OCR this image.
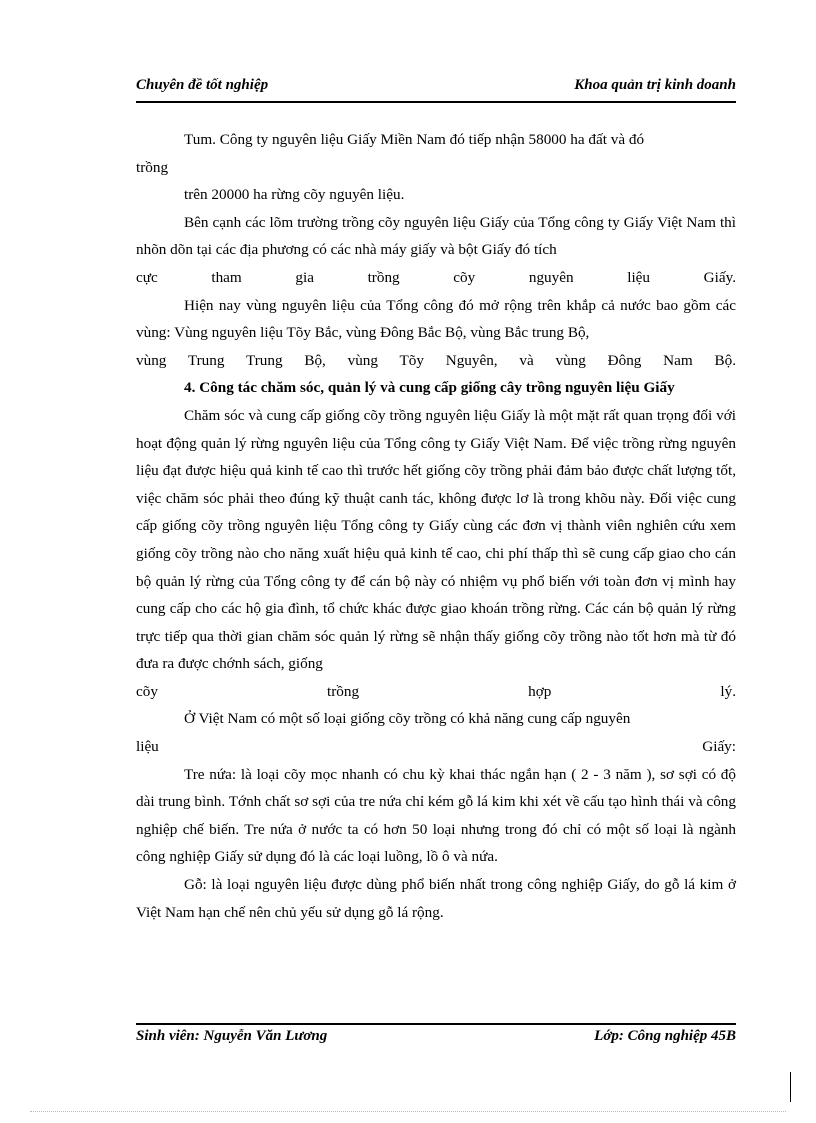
Chuyên đề tốt nghiệp	Khoa quản trị kinh doanh

Tum. Công ty nguyên liệu Giấy Miền Nam đó tiếp nhận 58000 ha đất và đó

trồng

trên 20000 ha rừng cõy nguyên liệu.

Bên cạnh các lõm trường trồng cõy nguyên liệu Giấy của Tổng công ty Giấy Việt Nam thì nhõn dõn tại các địa phương có các nhà máy giấy và bột Giấy đó tích

cực tham gia trồng cõy nguyên liệu Giấy.

Hiện nay vùng nguyên liệu của Tổng công đó mở rộng trên khắp cả nước bao gồm các vùng: Vùng nguyên liệu Tõy Bắc, vùng Đông Bắc Bộ, vùng Bắc trung Bộ,

vùng Trung Trung Bộ, vùng Tõy Nguyên, và vùng Đông Nam Bộ.

4. Công tác chăm sóc, quản lý và cung cấp giống cây trồng nguyên liệu Giấy

Chăm sóc và cung cấp giống cõy trồng nguyên liệu Giấy là một mặt rất quan trọng đối với hoạt động quản lý rừng nguyên liệu của Tổng công ty Giấy Việt Nam. Để việc trồng rừng nguyên liệu đạt được hiệu quả kinh tế cao thì trước hết giống cõy trồng phải đảm bảo được chất lượng tốt, việc chăm sóc phải theo đúng kỹ thuật canh tác, không được lơ là trong khõu này. Đối việc cung cấp giống cõy trồng nguyên liệu Tổng công ty Giấy cùng các đơn vị thành viên nghiên cứu xem giống cõy trồng nào cho năng xuất hiệu quả kinh tế cao, chi phí thấp thì sẽ cung cấp giao cho cán bộ quản lý rừng của Tổng công ty để cán bộ này có nhiệm vụ phổ biến với toàn đơn vị mình hay cung cấp cho các hộ gia đình, tổ chức khác được giao khoán trồng rừng. Các cán bộ quản lý rừng trực tiếp qua thời gian chăm sóc quản lý rừng sẽ nhận thấy giống cõy trồng nào tốt hơn mà từ đó đưa ra được chớnh sách, giống

cõy trồng hợp lý.

Ở Việt Nam có một số loại giống cõy trồng có khả năng cung cấp nguyên

liệu Giấy:

Tre nứa: là loại cõy mọc nhanh có chu kỳ khai thác ngắn hạn ( 2 - 3 năm ), sơ sợi có độ dài trung bình. Tớnh chất sơ sợi của tre nứa chỉ kém gỗ lá kim khi xét về cấu tạo hình thái và công nghiệp chế biến. Tre nứa ở nước ta có hơn 50 loại nhưng trong đó chỉ có một số loại là ngành công nghiệp Giấy sử dụng đó là các loại luồng, lồ ô và nứa.

Gỗ: là loại nguyên liệu được dùng phổ biến nhất trong công nghiệp Giấy, do gỗ lá kim ở Việt Nam hạn chế nên chủ yếu sử dụng gỗ lá rộng.

Sinh viên: Nguyễn Văn Lương	Lớp: Công nghiệp 45B
